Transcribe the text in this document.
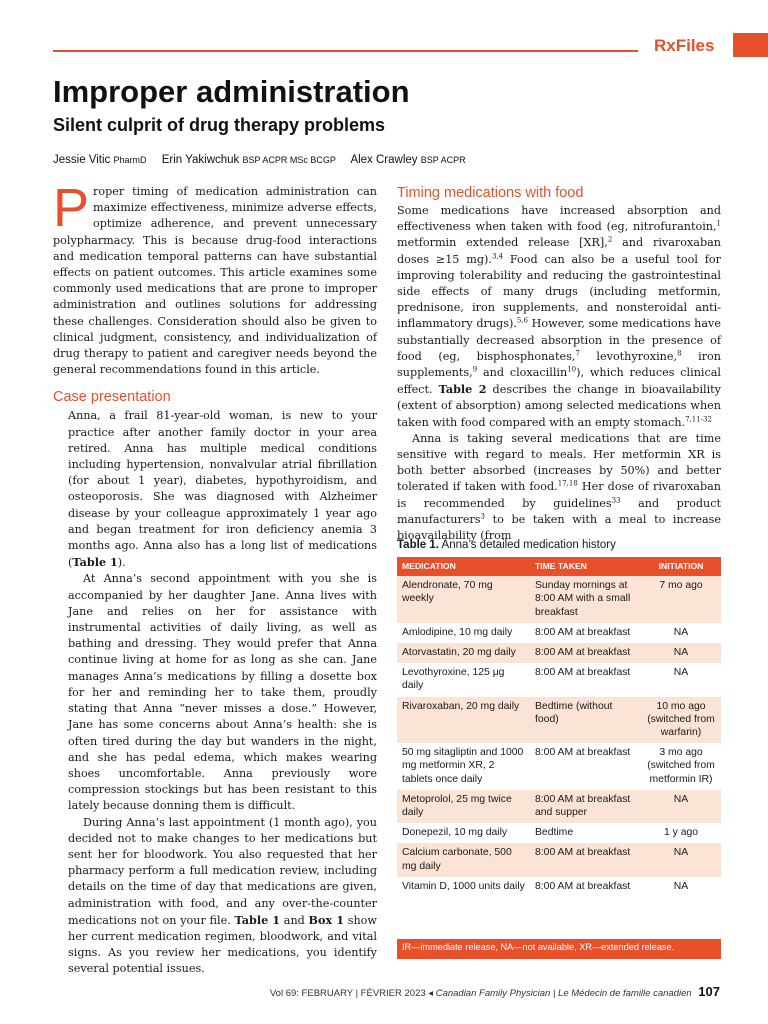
RxFiles
Improper administration
Silent culprit of drug therapy problems
Jessie Vitic PharmD Erin Yakiwchuk BSP ACPR MSc BCGP Alex Crawley BSP ACPR

Proper timing of medication administration can maximize effectiveness, minimize adverse effects, optimize adherence, and prevent unnecessary polypharmacy. This is because drug-food interactions and medication temporal patterns can have substantial effects on patient outcomes. This article examines some commonly used medications that are prone to improper administration and outlines solutions for addressing these challenges. Consideration should also be given to clinical judgment, consistency, and individualization of drug therapy to patient and caregiver needs beyond the general recommendations found in this article.

Case presentation

Anna, a frail 81-year-old woman, is new to your practice after another family doctor in your area retired. Anna has multiple medical conditions including hypertension, nonvalvular atrial fibrillation (for about 1 year), diabetes, hypothyroidism, and osteoporosis. She was diagnosed with Alzheimer disease by your colleague approximately 1 year ago and began treatment for iron deficiency anemia 3 months ago. Anna also has a long list of medications (Table 1).

At Anna’s second appointment with you she is accompanied by her daughter Jane. Anna lives with Jane and relies on her for assistance with instrumental activities of daily living, as well as bathing and dressing. They would prefer that Anna continue living at home for as long as she can. Jane manages Anna’s medications by filling a dosette box for her and reminding her to take them, proudly stating that Anna “never misses a dose.” However, Jane has some concerns about Anna’s health: she is often tired during the day but wanders in the night, and she has pedal edema, which makes wearing shoes uncomfortable. Anna previously wore compression stockings but has been resistant to this lately because donning them is difficult.

During Anna’s last appointment (1 month ago), you decided not to make changes to her medications but sent her for bloodwork. You also requested that her pharmacy perform a full medication review, including details on the time of day that medications are given, administration with food, and any over-the-counter medications not on your file. Table 1 and Box 1 show her current medication regimen, bloodwork, and vital signs. As you review her medications, you identify several potential issues.

Timing medications with food

Some medications have increased absorption and effectiveness when taken with food (eg, nitrofurantoin,$^1$ metformin extended release [XR],$^2$ and rivaroxaban doses ≥15 mg).$^{3,4}$ Food can also be a useful tool for improving tolerability and reducing the gastrointestinal side effects of many drugs (including metformin, prednisone, iron supplements, and nonsteroidal anti-inflammatory drugs).$^{5,6}$ However, some medications have substantially decreased absorption in the presence of food (eg, bisphosphonates,$^7$ levothyroxine,$^8$ iron supplements,$^9$ and cloxacillin$^{10}$), which reduces clinical effect. Table 2 describes the change in bioavailability (extent of absorption) among selected medications when taken with food compared with an empty stomach.$^{7,11-32}$

Anna is taking several medications that are time sensitive with regard to meals. Her metformin XR is both better absorbed (increases by 50%) and better tolerated if taken with food.$^{17,18}$ Her dose of rivaroxaban is recommended by guidelines$^{33}$ and product manufacturers$^3$ to be taken with a meal to increase bioavailability (from

Table 1. Anna’s detailed medication history
MEDICATION	TIME TAKEN	INITIATION
Alendronate, 70 mg weekly	Sunday mornings at 8:00 AM with a small breakfast	7 mo ago
Amlodipine, 10 mg daily	8:00 AM at breakfast	NA
Atorvastatin, 20 mg daily	8:00 AM at breakfast	NA
Levothyroxine, 125 μg daily	8:00 AM at breakfast	NA
Rivaroxaban, 20 mg daily	Bedtime (without food)	10 mo ago (switched from warfarin)
50 mg sitagliptin and 1000 mg metformin XR, 2 tablets once daily	8:00 AM at breakfast	3 mo ago (switched from metformin IR)
Metoprolol, 25 mg twice daily	8:00 AM at breakfast and supper	NA
Donepezil, 10 mg daily	Bedtime	1 y ago
Calcium carbonate, 500 mg daily	8:00 AM at breakfast	NA
Vitamin D, 1000 units daily	8:00 AM at breakfast	NA
IR—immediate release, NA—not available, XR—extended release.
Vol 69: FEBRUARY | FÉVRIER 2023 ◂ Canadian Family Physician | Le Médecin de famille canadien 107
